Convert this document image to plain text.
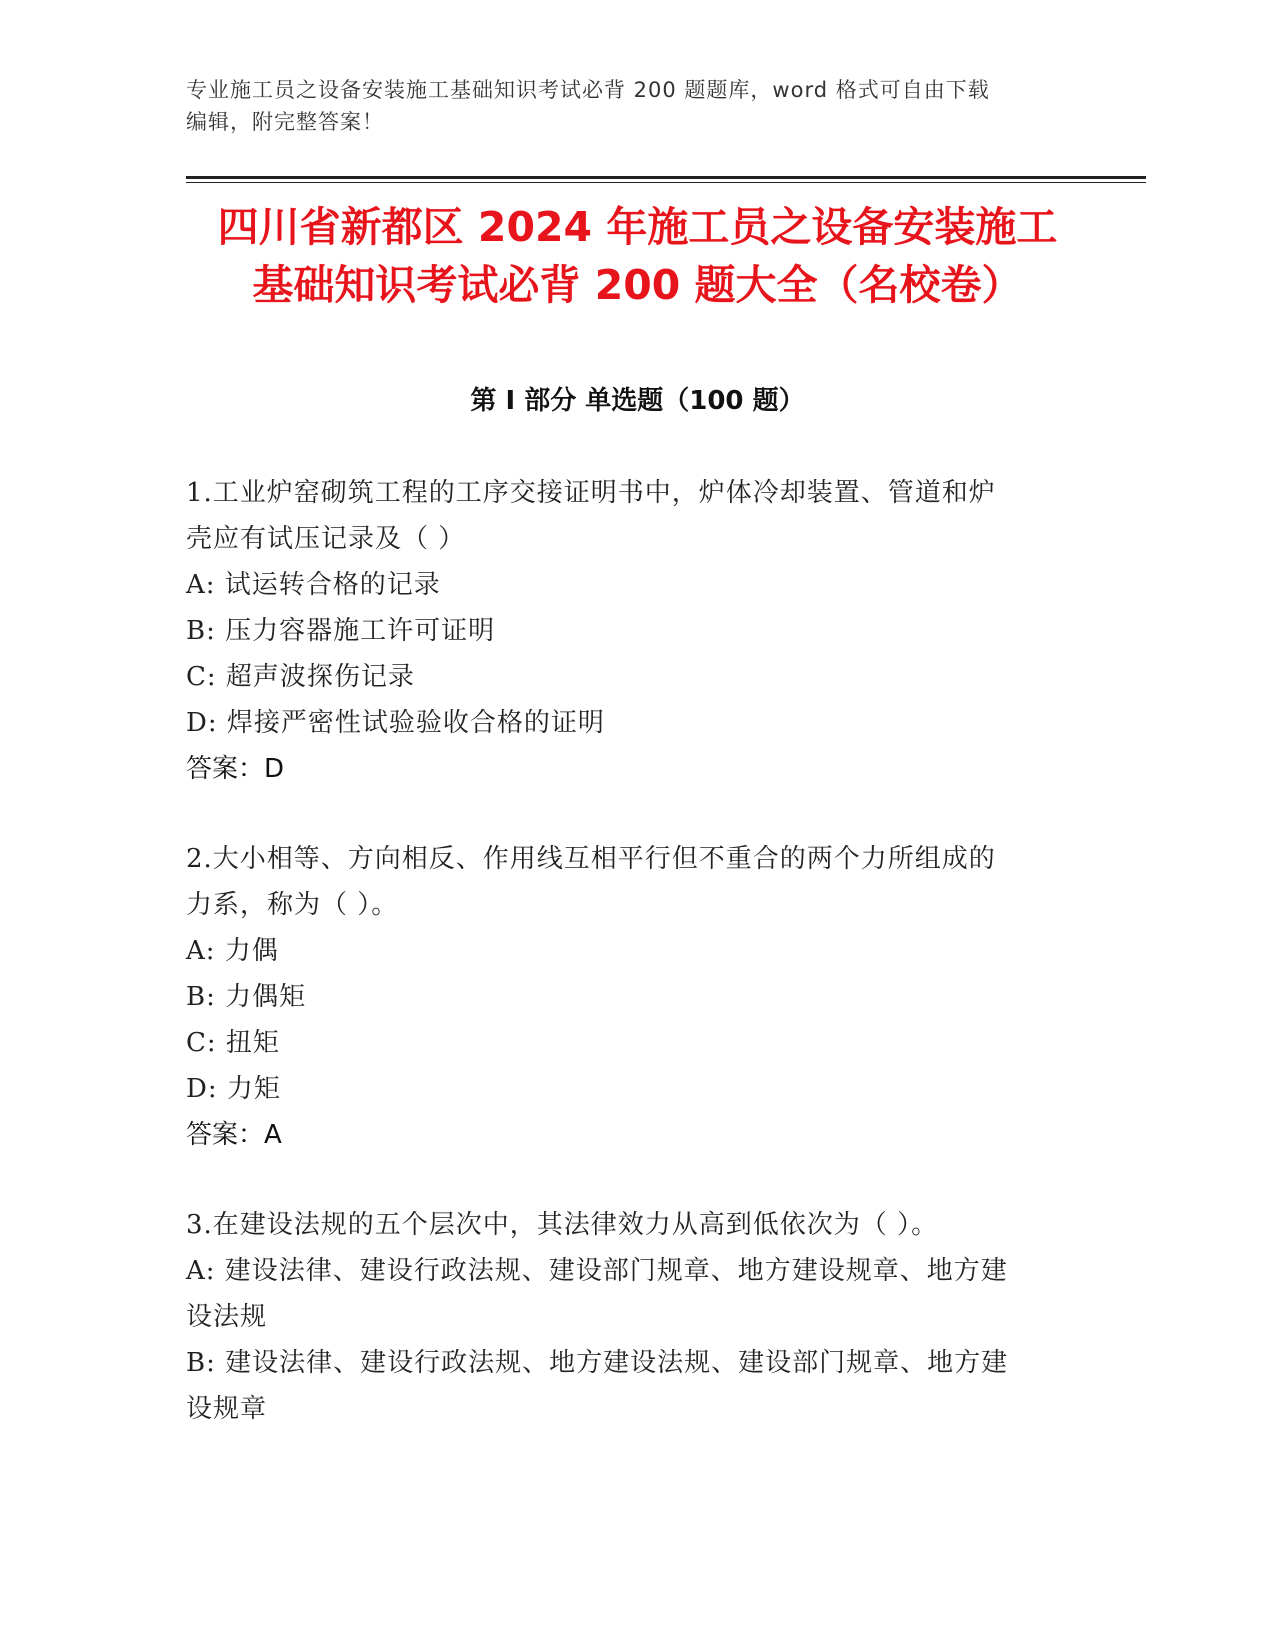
专业施工员之设备安装施工基础知识考试必背 200 题题库，word 格式可自由下载
编辑，附完整答案！
四川省新都区 2024 年施工员之设备安装施工
基础知识考试必背 200 题大全（名校卷）
第 I 部分 单选题（100 题）
1.工业炉窑砌筑工程的工序交接证明书中，炉体冷却装置、管道和炉
壳应有试压记录及（ ）
A: 试运转合格的记录
B: 压力容器施工许可证明
C: 超声波探伤记录
D: 焊接严密性试验验收合格的证明
答案：D
2.大小相等、方向相反、作用线互相平行但不重合的两个力所组成的
力系，称为（ ）。
A: 力偶
B: 力偶矩
C: 扭矩
D: 力矩
答案：A
3.在建设法规的五个层次中，其法律效力从高到低依次为（ ）。
A: 建设法律、建设行政法规、建设部门规章、地方建设规章、地方建
设法规
B: 建设法律、建设行政法规、地方建设法规、建设部门规章、地方建
设规章
